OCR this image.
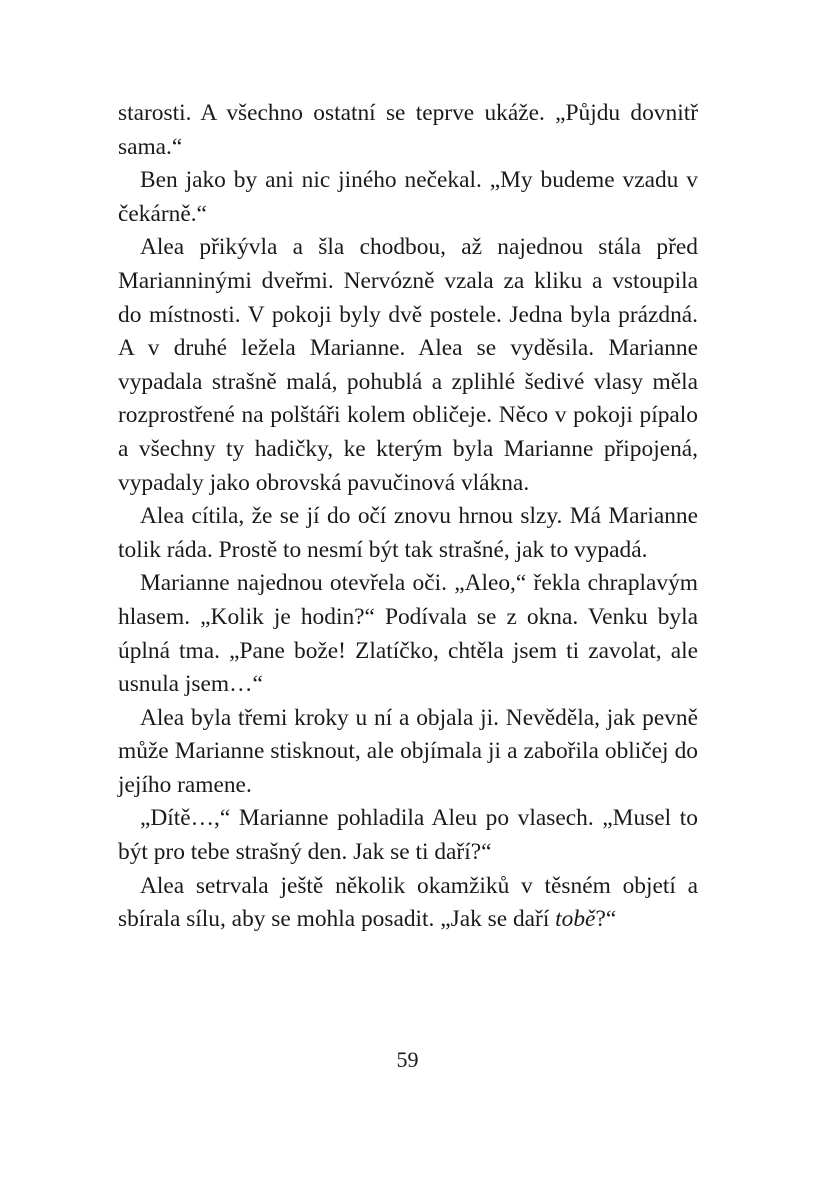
starosti. A všechno ostatní se teprve ukáže. „Půjdu dovnitř sama.“

Ben jako by ani nic jiného nečekal. „My budeme vzadu v čekárně.“

Alea přikývla a šla chodbou, až najednou stála před Marianninými dveřmi. Nervózně vzala za kliku a vstoupila do místnosti. V pokoji byly dvě postele. Jedna byla prázdná. A v druhé ležela Marianne. Alea se vyděsila. Marianne vypadala strašně malá, pohublá a zplihlé šedivé vlasy měla rozprostřené na polštáři kolem obličeje. Něco v pokoji pípalo a všechny ty hadičky, ke kterým byla Marianne připojená, vypadaly jako obrovská pavučinová vlákna.

Alea cítila, že se jí do očí znovu hrnou slzy. Má Marianne tolik ráda. Prostě to nesmí být tak strašné, jak to vypadá.

Marianne najednou otevřela oči. „Aleo,“ řekla chraplavým hlasem. „Kolik je hodin?“ Podívala se z okna. Venku byla úplná tma. „Pane bože! Zlatíčko, chtěla jsem ti zavolat, ale usnula jsem…“

Alea byla třemi kroky u ní a objala ji. Nevěděla, jak pevně může Marianne stisknout, ale objímala ji a zabořila obličej do jejího ramene.

„Dítě…,“ Marianne pohladila Aleu po vlasech. „Musel to být pro tebe strašný den. Jak se ti daří?“

Alea setrvala ještě několik okamžiků v těsném objetí a sbírala sílu, aby se mohla posadit. „Jak se daří tobě?“

59
